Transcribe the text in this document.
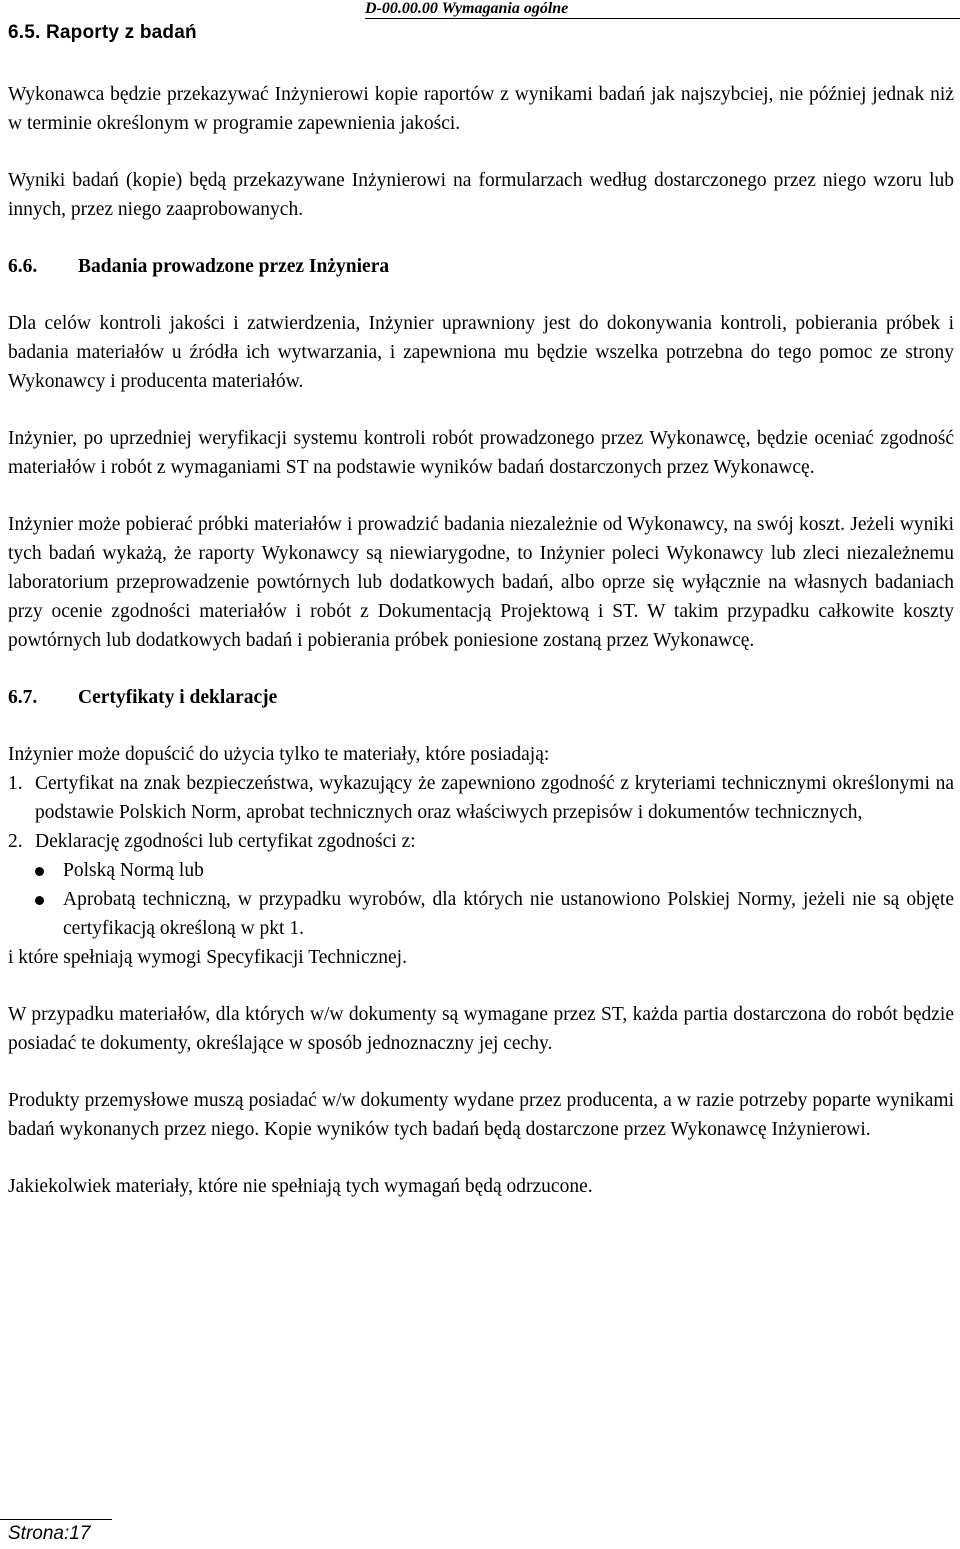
6.5. Raporty z badań
D-00.00.00 Wymagania ogólne

Wykonawca będzie przekazywać Inżynierowi kopie raportów z wynikami badań jak najszybciej, nie później jednak niż w terminie określonym w programie zapewnienia jakości.

Wyniki badań (kopie) będą przekazywane Inżynierowi na formularzach według dostarczonego przez niego wzoru lub innych, przez niego zaaprobowanych.

6.6.	Badania prowadzone przez Inżyniera

Dla celów kontroli jakości i zatwierdzenia, Inżynier uprawniony jest do dokonywania kontroli, pobierania próbek i badania materiałów u źródła ich wytwarzania, i zapewniona mu będzie wszelka potrzebna do tego pomoc ze strony Wykonawcy i producenta materiałów.

Inżynier, po uprzedniej weryfikacji systemu kontroli robót prowadzonego przez Wykonawcę, będzie oceniać zgodność materiałów i robót z wymaganiami ST na podstawie wyników badań dostarczonych przez Wykonawcę.

Inżynier może pobierać próbki materiałów i prowadzić badania niezależnie od Wykonawcy, na swój koszt. Jeżeli wyniki tych badań wykażą, że raporty Wykonawcy są niewiarygodne, to Inżynier poleci Wykonawcy lub zleci niezależnemu laboratorium przeprowadzenie powtórnych lub dodatkowych badań, albo oprze się wyłącznie na własnych badaniach przy ocenie zgodności materiałów i robót z Dokumentacją Projektową i ST. W takim przypadku całkowite koszty powtórnych lub dodatkowych badań i pobierania próbek poniesione zostaną przez Wykonawcę.

6.7.	Certyfikaty i deklaracje

Inżynier może dopuścić do użycia tylko te materiały, które posiadają:

1. Certyfikat na znak bezpieczeństwa, wykazujący że zapewniono zgodność z kryteriami technicznymi określonymi na podstawie Polskich Norm, aprobat technicznych oraz właściwych przepisów i dokumentów technicznych,
2. Deklarację zgodności lub certyfikat zgodności z:
Polską Normą lub
Aprobatą techniczną, w przypadku wyrobów, dla których nie ustanowiono Polskiej Normy, jeżeli nie są objęte certyfikacją określoną w pkt 1.

i które spełniają wymogi Specyfikacji Technicznej.

W przypadku materiałów, dla których w/w dokumenty są wymagane przez ST, każda partia dostarczona do robót będzie posiadać te dokumenty, określające w sposób jednoznaczny jej cechy.

Produkty przemysłowe muszą posiadać w/w dokumenty wydane przez producenta, a w razie potrzeby poparte wynikami badań wykonanych przez niego. Kopie wyników tych badań będą dostarczone przez Wykonawcę Inżynierowi.

Jakiekolwiek materiały, które nie spełniają tych wymagań będą odrzucone.

Strona:17
